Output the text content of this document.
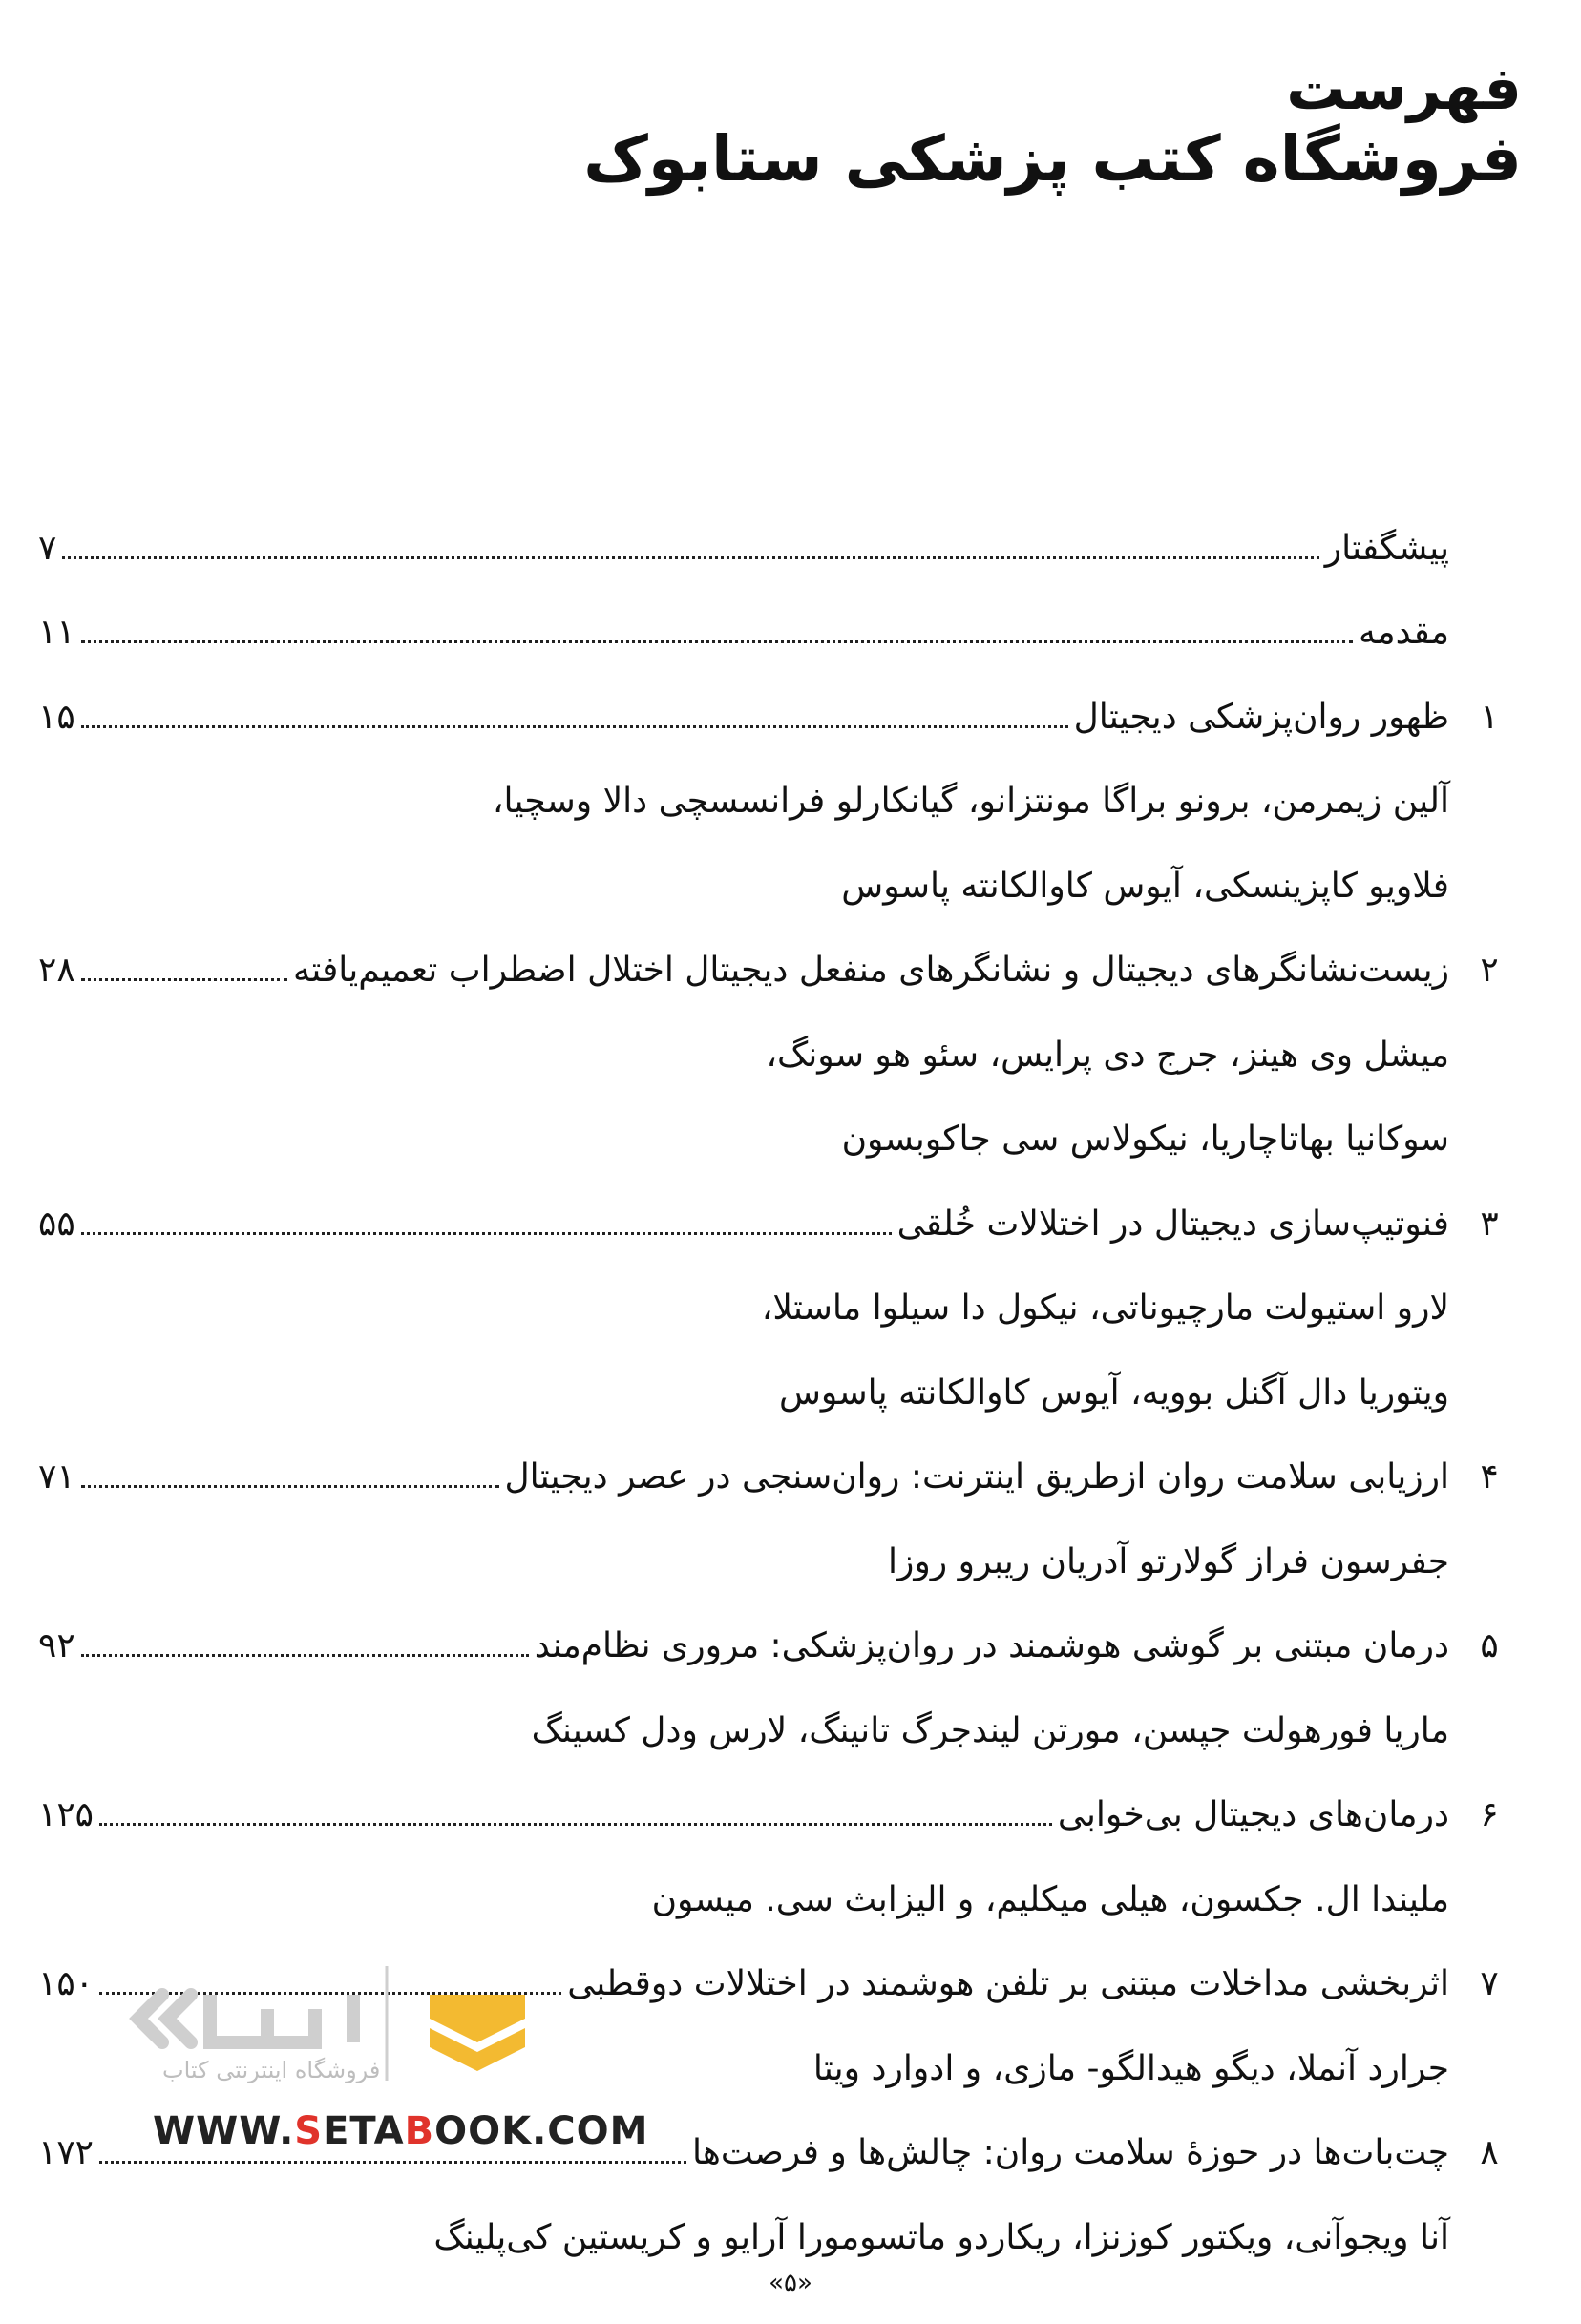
فهرست
فروشگاه کتب پزشکی ستابوک
پیشگفتار
۷
مقدمه
۱۱
۱
ظهور روان‌پزشکی دیجیتال
۱۵
آلین زیمرمن، برونو براگا مونتزانو، گیانکارلو فرانسسچی دالا وسچیا،
فلاویو کاپزینسکی، آیوس کاوالکانته پاسوس
۲
زیست‌نشانگرهای دیجیتال و نشانگرهای منفعل دیجیتال اختلال اضطراب تعمیم‌یافته
۲۸
میشل وی هینز، جرج دی پرایس، سئو هو سونگ،
سوکانیا بهاتاچاریا، نیکولاس سی جاکوبسون
۳
فنوتیپ‌سازی دیجیتال در اختلالات خُلقی
۵۵
لارو استیولت مارچیوناتی، نیکول دا سیلوا ماستلا،
ویتوریا دال آگنل بوویه، آیوس کاوالکانته پاسوس
۴
ارزیابی سلامت روان ازطریق اینترنت: روان‌سنجی در عصر دیجیتال
۷۱
جفرسون فراز گولارتو آدریان ریبرو روزا
۵
درمان مبتنی بر گوشی هوشمند در روان‌پزشکی: مروری نظام‌مند
۹۲
ماریا فورهولت جپسن، مورتن لیندجرگ تانینگ، لارس ودل کسینگ
۶
درمان‌های دیجیتال بی‌خوابی
۱۲۵
ملیندا ال. جکسون، هیلی میکلیم، و الیزابث سی. میسون
۷
اثربخشی مداخلات مبتنی بر تلفن هوشمند در اختلالات دوقطبی
۱۵۰
جرارد آنملا، دیگو هیدالگو- مازی، و ادوارد ویتا
۸
چت‌بات‌ها در حوزهٔ سلامت روان: چالش‌ها و فرصت‌ها
۱۷۲
آنا ویجوآنی، ویکتور کوزنزا، ریکاردو ماتسومورا آرایو و کریستین کی‌پلینگ
فروشگاه اینترنتی کتاب
WWW.SETABOOK.COM
«۵»
